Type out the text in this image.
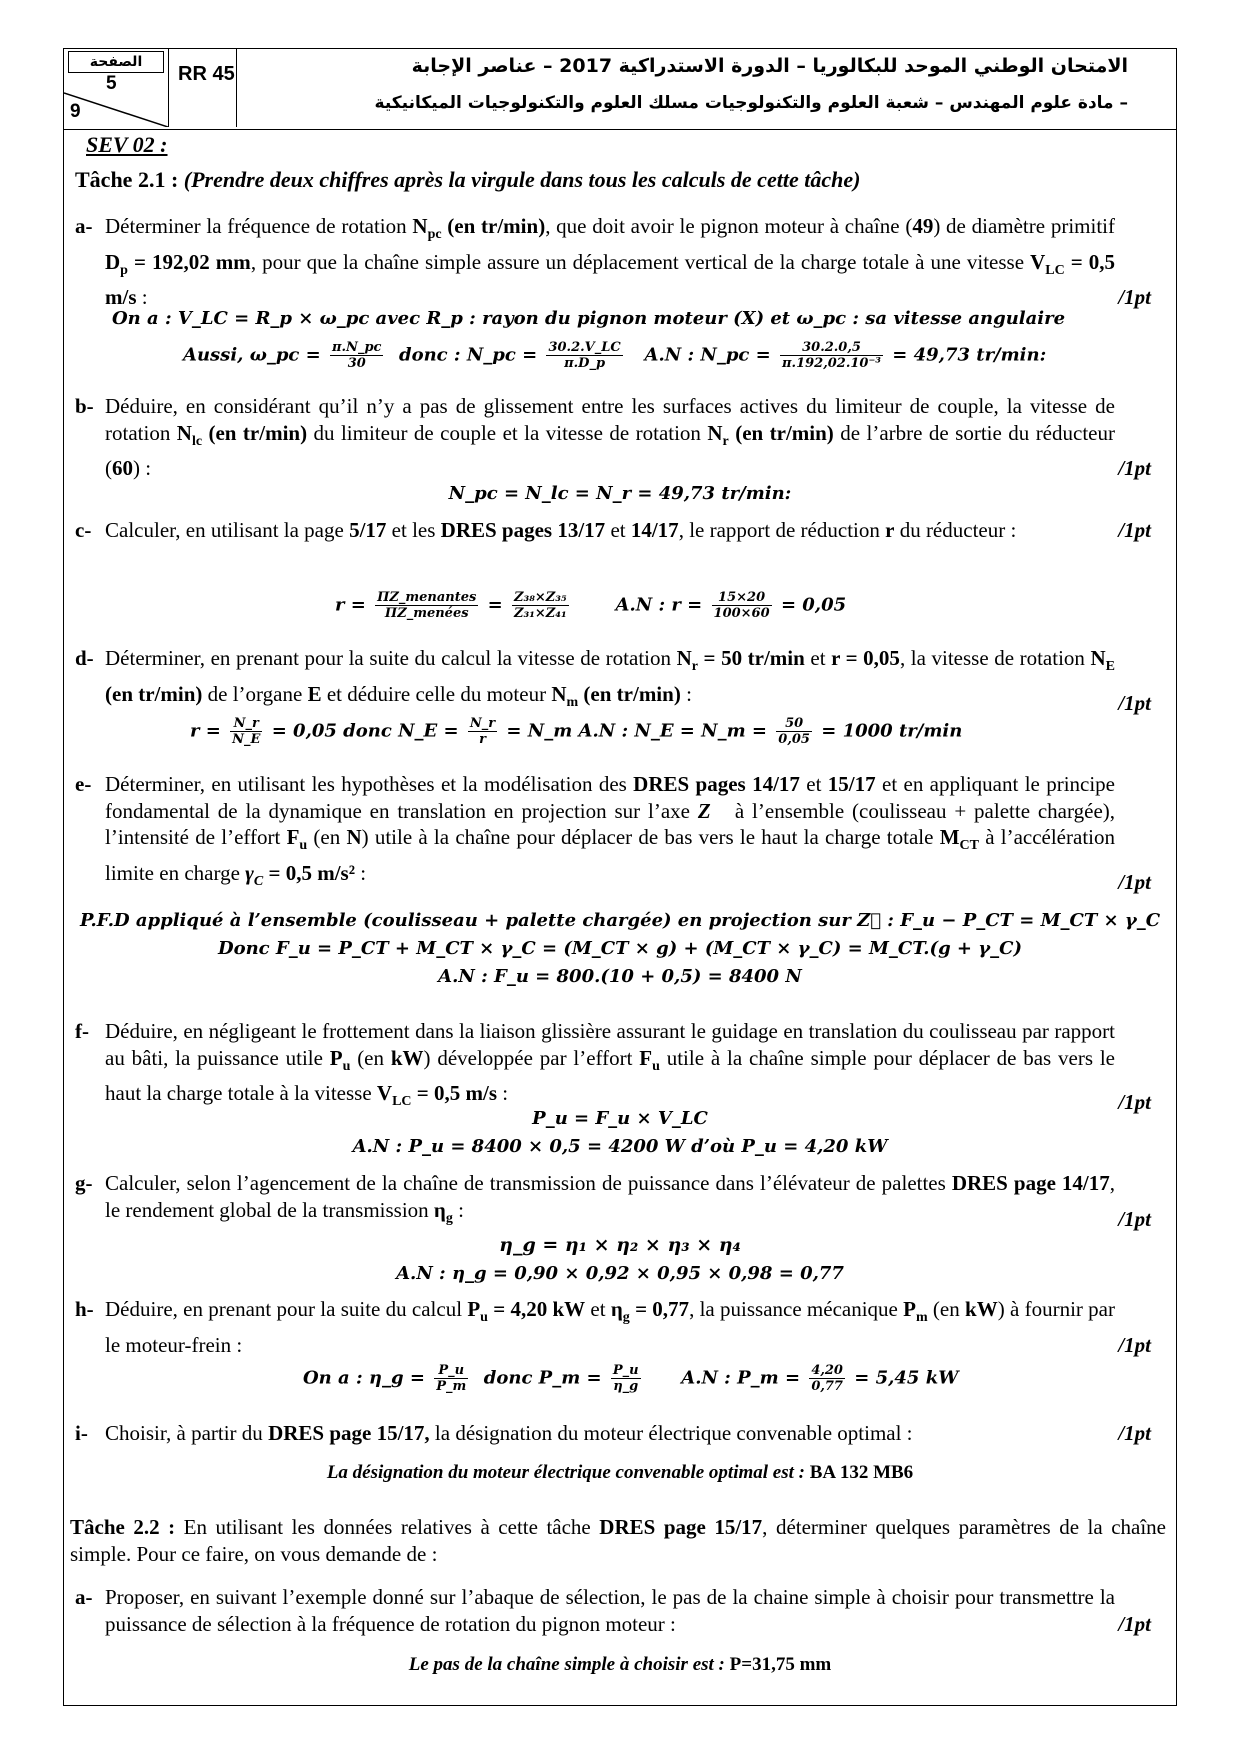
الصفحة
5
9
RR 45	الامتحان الوطني الموحد للبكالوريا – الدورة الاستدراكية 2017 – عناصر الإجابة
– مادة علوم المهندس – شعبة العلوم والتكنولوجيات مسلك العلوم والتكنولوجيات الميكانيكية
SEV 02 :
Tâche 2.1 : (Prendre deux chiffres après la virgule dans tous les calculs de cette tâche)
a- Déterminer la fréquence de rotation $N_{pc}$ (en tr/min), que doit avoir le pignon moteur à chaîne (49) de diamètre primitif $D_p = 192,02$ mm, pour que la chaîne simple assure un déplacement vertical de la charge totale à une vitesse $V_{LC} = 0,5$ m/s :	/1pt
On a : V_LC = R_p × ω_pc avec R_p : rayon du pignon moteur (X) et ω_pc : sa vitesse angulaire
Aussi, ω_pc = $\frac{\pi.N\_pc}{30}$ donc : N_pc = $\frac{30.2.V\_LC}{\pi.D\_p} A.N$ : N_pc = $\frac{30.2.0,5}{\text{π.192,02.10⁻³}} = 49,73$ tr/min:
b- Déduire, en considérant qu’il n’y a pas de glissement entre les surfaces actives du limiteur de couple, la vitesse de rotation $N_{lc}$ (en tr/min) du limiteur de couple et la vitesse de rotation $N_r$ (en tr/min) de l’arbre de sortie du réducteur (60) :	/1pt
N_pc = N_lc = N_r = 49,73 tr/min:
c- Calculer, en utilisant la page 5/17 et les DRES pages 13/17 et 14/17, le rapport de réduction r du réducteur :	/1pt
$r = \frac{\text{ΠZ\_menantes}}{\text{ΠZ\_menées}} = \frac{\text{Z₃₈×Z₃₅}}{\text{Z₃₁×Z₄₁}}$	A.N : $r = \frac{15\times 20}{100\times 60} = 0,05$
d- Déterminer, en prenant pour la suite du calcul la vitesse de rotation $N_r = 50$ tr/min et r = 0,05, la vitesse de rotation $N_E$ (en tr/min) de l’organe E et déduire celle du moteur $N_m$ (en tr/min) :	/1pt
$r = \frac{N\_r}{N\_E} = 0,05$ donc N_E = $\frac{N\_r}{r}$ = N_m A.N : N_E = N_m = $\frac{50}{0,05} = 1000$ tr/min
e- Déterminer, en utilisant les hypothèses et la modélisation des DRES pages 14/17 et 15/17 et en appliquant le principe fondamental de la dynamique en translation en projection sur l’axe Z⃗ à l’ensemble (coulisseau + palette chargée), l’intensité de l’effort $F_u$ (en N) utile à la chaîne pour déplacer de bas vers le haut la charge totale $M_{CT}$ à l’accélération limite en charge $\gamma_C = 0,5$ m/s² :	/1pt
P.F.D appliqué à l’ensemble (coulisseau + palette chargée) en projection sur Z⃗ : F_u − P_CT = M_CT × γ_C
Donc F_u = P_CT + M_CT × γ_C = (M_CT × g) + (M_CT × γ_C) = M_CT.(g + γ_C)
A.N : F_u = 800.(10 + 0,5) = 8400 N
f- Déduire, en négligeant le frottement dans la liaison glissière assurant le guidage en translation du coulisseau par rapport au bâti, la puissance utile $P_u$ (en kW) développée par l’effort $F_u$ utile à la chaîne simple pour déplacer de bas vers le haut la charge totale à la vitesse $V_{LC} = 0,5$ m/s :	/1pt
P_u = F_u × V_LC
A.N : P_u = 8400 × 0,5 = 4200 W d’où P_u = 4,20 kW
g- Calculer, selon l’agencement de la chaîne de transmission de puissance dans l’élévateur de palettes DRES page 14/17, le rendement global de la transmission $\eta_g$ :	/1pt
η_g = η₁ × η₂ × η₃ × η₄
A.N : η_g = 0,90 × 0,92 × 0,95 × 0,98 = 0,77
h- Déduire, en prenant pour la suite du calcul $P_u = 4,20$ kW et $\eta_g = 0,77$, la puissance mécanique $P_m$ (en kW) à fournir par le moteur-frein :	/1pt
On a : η_g = $\frac{P\_u}{P\_m}$ donc P_m = $\frac{P\_u}{\eta\_g} A.N$ : P_m = $\frac{4,20}{0,77} = 5,45$ kW
i- Choisir, à partir du DRES page 15/17, la désignation du moteur électrique convenable optimal :	/1pt
La désignation du moteur électrique convenable optimal est : BA 132 MB6
Tâche 2.2 : En utilisant les données relatives à cette tâche DRES page 15/17, déterminer quelques paramètres de la chaîne simple. Pour ce faire, on vous demande de :
a- Proposer, en suivant l’exemple donné sur l’abaque de sélection, le pas de la chaine simple à choisir pour transmettre la puissance de sélection à la fréquence de rotation du pignon moteur :	/1pt
Le pas de la chaîne simple à choisir est : P=31,75 mm
